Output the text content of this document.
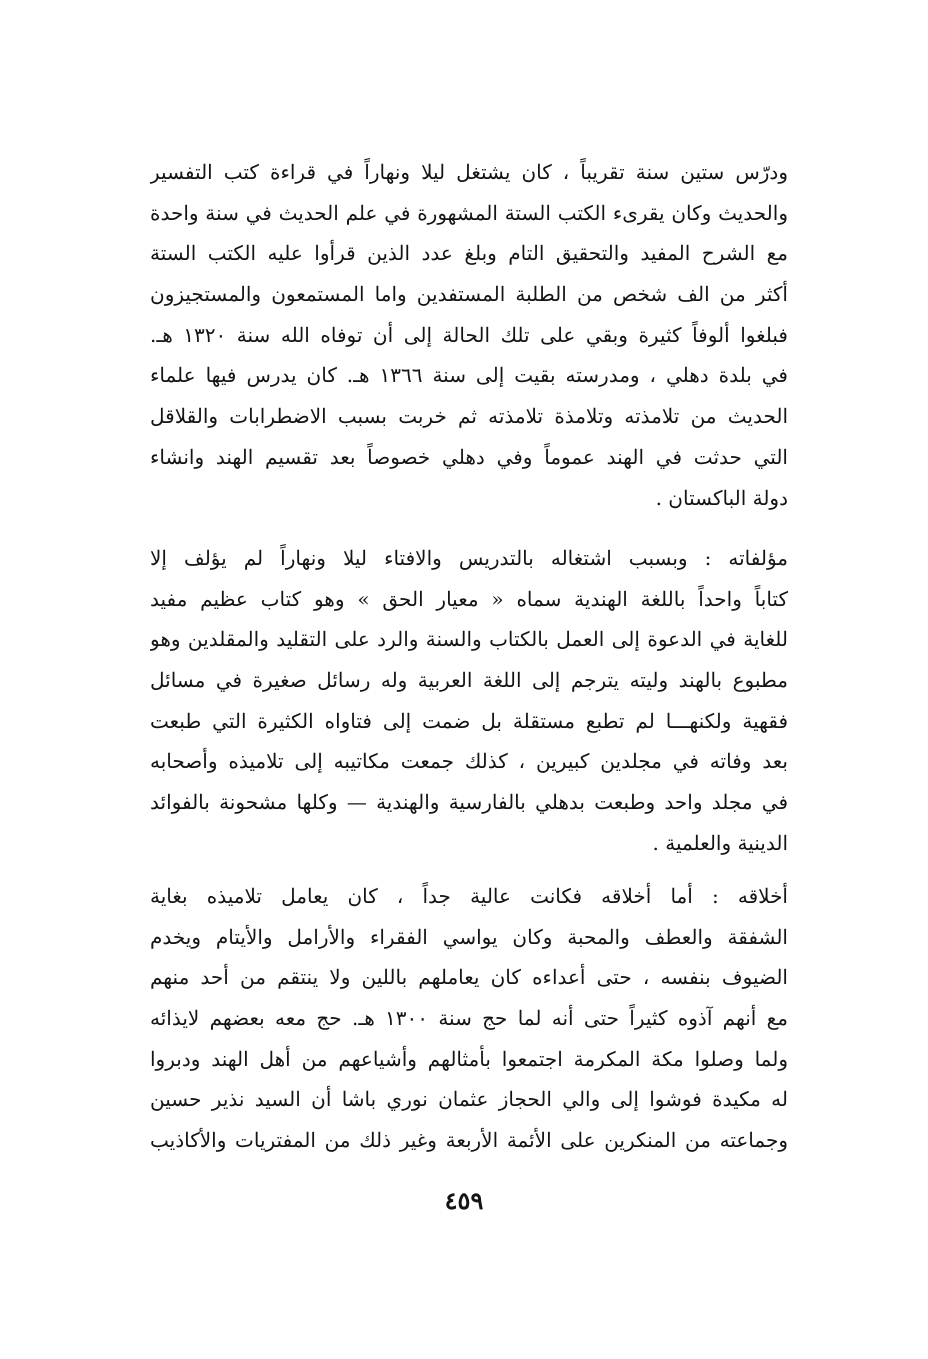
ودرّس ستين سنة تقريباً ، كان يشتغل ليلا ونهاراً في قراءة كتب التفسير
والحديث وكان يقرىء الكتب الستة المشهورة في علم الحديث في سنة واحدة
مع الشرح المفيد والتحقيق التام وبلغ عدد الذين قرأوا عليه الكتب الستة
أكثر من الف شخص من الطلبة المستفدين واما المستمعون والمستجيزون
فبلغوا ألوفاً كثيرة وبقي على تلك الحالة إلى أن توفاه الله سنة ١٣٢٠ هـ.
في بلدة دهلي ، ومدرسته بقيت إلى سنة ١٣٦٦ هـ. كان يدرس فيها علماء
الحديث من تلامذته وتلامذة تلامذته ثم خربت بسبب الاضطرابات والقلاقل
التي حدثت في الهند عموماً وفي دهلي خصوصاً بعد تقسيم الهند وانشاء
دولة الباكستان .
مؤلفاته : وبسبب اشتغاله بالتدريس والافتاء ليلا ونهاراً لم يؤلف إلا
كتاباً واحداً باللغة الهندية سماه « معيار الحق » وهو كتاب عظيم مفيد
للغاية في الدعوة إلى العمل بالكتاب والسنة والرد على التقليد والمقلدين وهو
مطبوع بالهند وليته يترجم إلى اللغة العربية وله رسائل صغيرة في مسائل
فقهية ولكنهـــا لم تطبع مستقلة بل ضمت إلى فتاواه الكثيرة التي طبعت
بعد وفاته في مجلدين كبيرين ، كذلك جمعت مكاتيبه إلى تلاميذه وأصحابه
في مجلد واحد وطبعت بدهلي بالفارسية والهندية — وكلها مشحونة بالفوائد
الدينية والعلمية .
أخلاقه : أما أخلاقه فكانت عالية جداً ، كان يعامل تلاميذه بغاية
الشفقة والعطف والمحبة وكان يواسي الفقراء والأرامل والأيتام ويخدم
الضيوف بنفسه ، حتى أعداءه كان يعاملهم باللين ولا ينتقم من أحد منهم
مع أنهم آذوه كثيراً حتى أنه لما حج سنة ١٣٠٠ هـ. حج معه بعضهم لايذائه
ولما وصلوا مكة المكرمة اجتمعوا بأمثالهم وأشياعهم من أهل الهند ودبروا
له مكيدة فوشوا إلى والي الحجاز عثمان نوري باشا أن السيد نذير حسين
وجماعته من المنكرين على الأئمة الأربعة وغير ذلك من المفتريات والأكاذيب
٤٥٩
